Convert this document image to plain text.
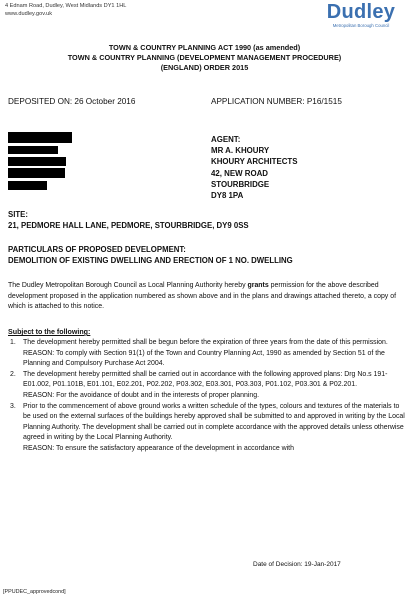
4 Ednam Road, Dudley, West Midlands DY1 1HL
www.dudley.gov.uk	Dudley
Metropolitan Borough Council
TOWN & COUNTRY PLANNING ACT 1990 (as amended)
TOWN & COUNTRY PLANNING (DEVELOPMENT MANAGEMENT PROCEDURE)
(ENGLAND) ORDER 2015
DEPOSITED ON: 26 October 2016	APPLICATION NUMBER: P16/1515
AGENT:
MR A. KHOURY
KHOURY ARCHITECTS
42, NEW ROAD
STOURBRIDGE
DY8 1PA
SITE:
21, PEDMORE HALL LANE, PEDMORE, STOURBRIDGE, DY9 0SS
PARTICULARS OF PROPOSED DEVELOPMENT:
DEMOLITION OF EXISTING DWELLING AND ERECTION OF 1 NO. DWELLING
The Dudley Metropolitan Borough Council as Local Planning Authority hereby grants permission for the above described development proposed in the application numbered as shown above and in the plans and drawings attached thereto, a copy of which is attached to this notice.
Subject to the following:
1.	The development hereby permitted shall be begun before the expiration of three years from the date of this permission.
REASON: To comply with Section 91(1) of the Town and Country Planning Act, 1990 as amended by Section 51 of the Planning and Compulsory Purchase Act 2004.
2.	The development hereby permitted shall be carried out in accordance with the following approved plans: Drg No.s 191-E01.002, P01.101B, E01.101, E02.201, P02.202, P03.302, E03.301, P03.303, P01.102, P03.301 & P02.201.
REASON: For the avoidance of doubt and in the interests of proper planning.
3.	Prior to the commencement of above ground works a written schedule of the types, colours and textures of the materials to be used on the external surfaces of the buildings hereby approved shall be submitted to and approved in writing by the Local Planning Authority. The development shall be carried out in complete accordance with the approved details unless otherwise agreed in writing by the Local Planning Authority.
REASON: To ensure the satisfactory appearance of the development in accordance with
Date of Decision: 19-Jan-2017
[PPUDEC_approvedcond]
